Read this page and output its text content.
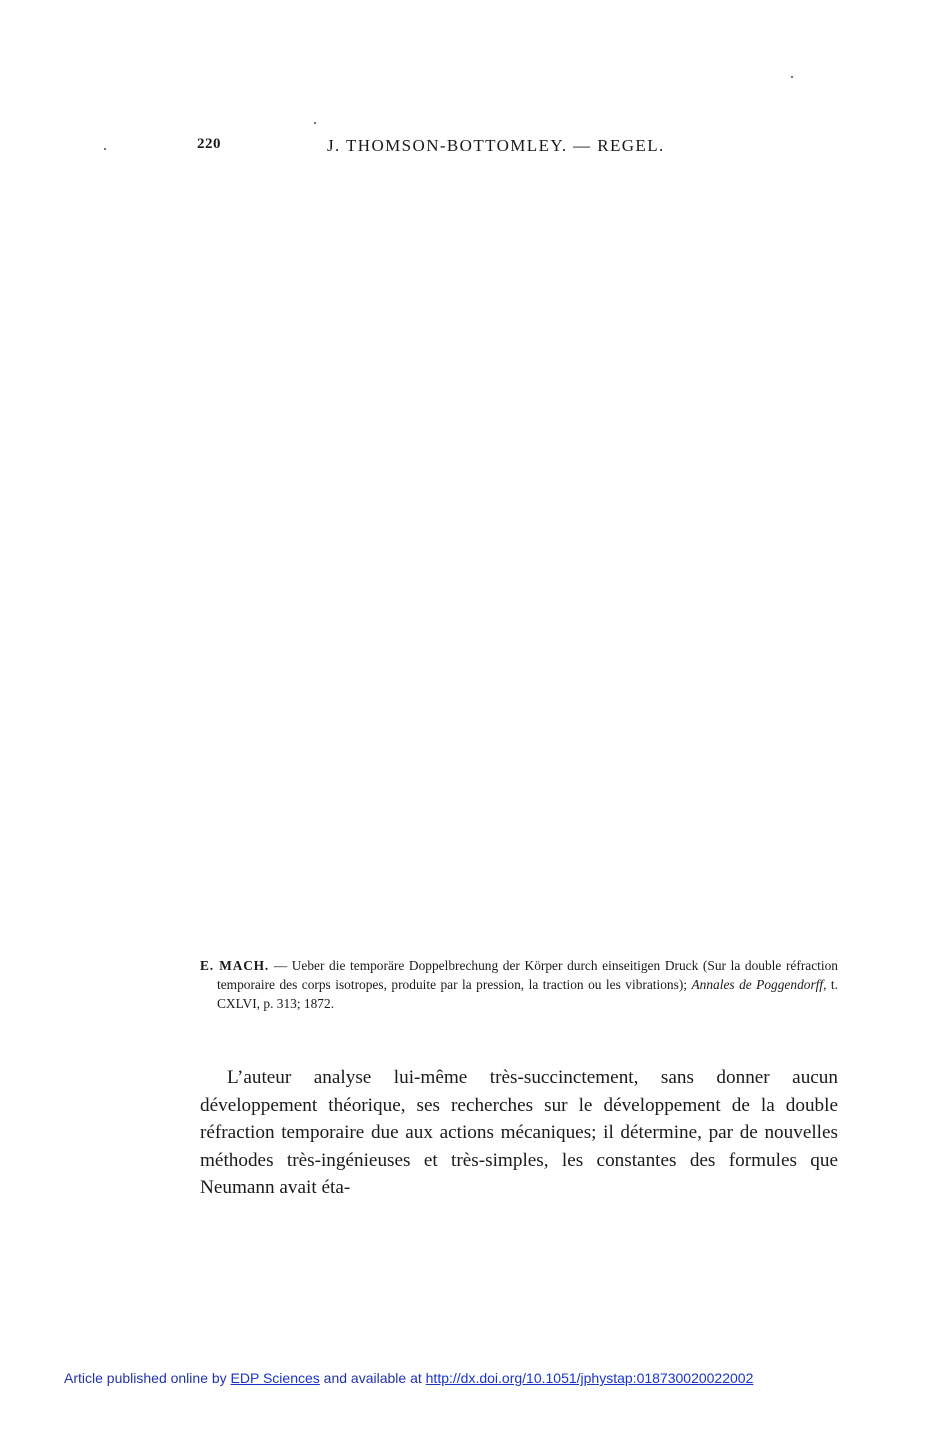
220	J. THOMSON-BOTTOMLEY. — REGEL.
E. MACH. — Ueber die temporäre Doppelbrechung der Körper durch einseitigen Druck (Sur la double réfraction temporaire des corps isotropes, produite par la pression, la traction ou les vibrations); Annales de Poggendorff, t. CXLVI, p. 313; 1872.

L’auteur analyse lui-même très-succinctement, sans donner aucun développement théorique, ses recherches sur le développement de la double réfraction temporaire due aux actions mécaniques; il détermine, par de nouvelles méthodes très-ingénieuses et très-simples, les constantes des formules que Neumann avait éta-

Article published online by EDP Sciences and available at http://dx.doi.org/10.1051/jphystap:018730020022002
